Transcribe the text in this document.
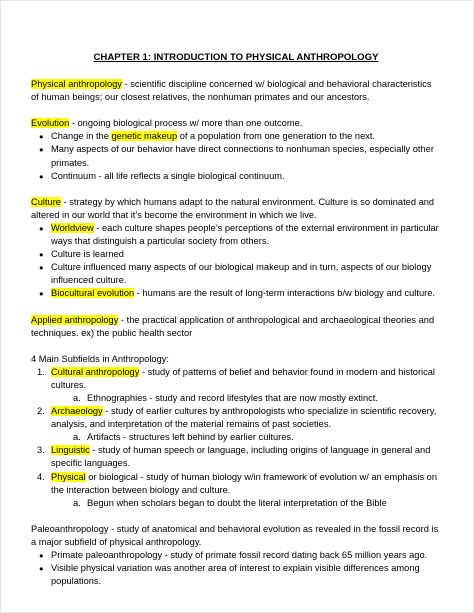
CHAPTER 1: INTRODUCTION TO PHYSICAL ANTHROPOLOGY

Physical anthropology - scientific discipline concerned w/ biological and behavioral characteristics of human beings; our closest relatives, the nonhuman primates and our ancestors.

Evolution - ongoing biological process w/ more than one outcome.

● Change in the genetic makeup of a population from one generation to the next.
● Many aspects of our behavior have direct connections to nonhuman species, especially other primates.
● Continuum - all life reflects a single biological continuum.

Culture - strategy by which humans adapt to the natural environment. Culture is so dominated and altered in our world that it’s become the environment in which we live.

● Worldview - each culture shapes people’s perceptions of the external environment in particular ways that distinguish a particular society from others.
● Culture is learned
● Culture influenced many aspects of our biological makeup and in turn, aspects of our biology influenced culture.
● Biocultural evolution - humans are the result of long-term interactions b/w biology and culture.

Applied anthropology - the practical application of anthropological and archaeological theories and techniques. ex) the public health sector

4 Main Subfields in Anthropology:

1. Cultural anthropology - study of patterns of belief and behavior found in modern and historical cultures.
a. Ethnographies - study and record lifestyles that are now mostly extinct.
2. Archaeology - study of earlier cultures by anthropologists who specialize in scientific recovery, analysis, and interpretation of the material remains of past societies.
a. Artifacts - structures left behind by earlier cultures.
3. Linguistic - study of human speech or language, including origins of language in general and specific languages.
4. Physical or biological - study of human biology w/in framework of evolution w/ an emphasis on the interaction between biology and culture.
a. Begun when scholars began to doubt the literal interpretation of the Bible

Paleoanthropology - study of anatomical and behavioral evolution as revealed in the fossil record is a major subfield of physical anthropology.

● Primate paleoanthropology - study of primate fossil record dating back 65 million years ago.
● Visible physical variation was another area of interest to explain visible differences among populations.
